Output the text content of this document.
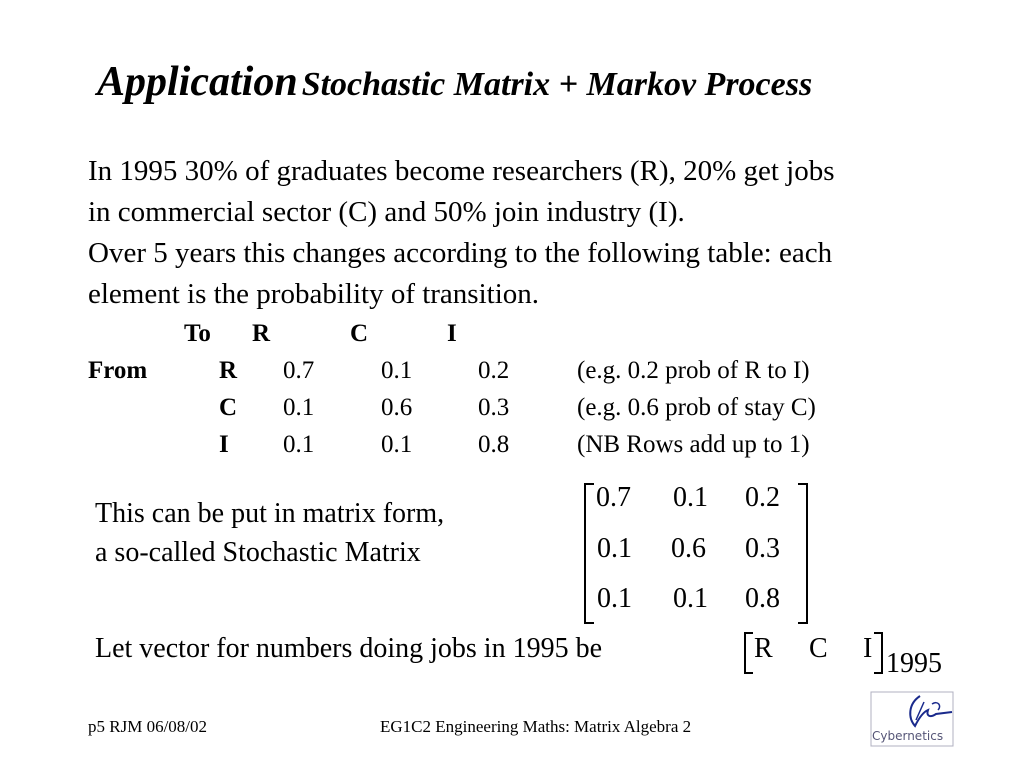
Application Stochastic Matrix + Markov Process
In 1995 30% of graduates become researchers (R), 20% get jobs
in commercial sector (C) and 50% join industry (I).
Over 5 years this changes according to the following table: each
element is the probability of transition.
To R	C	I
From	R 0.7	0.1	0.2	(e.g. 0.2 prob of R to I)
C 0.1	0.6	0.3	(e.g. 0.6 prob of stay C)
I 0.1	0.1	0.8	(NB Rows add up to 1)
This can be put in matrix form,
a so-called Stochastic Matrix
0.7 0.1 0.2
0.1 0.6 0.3
0.1 0.1 0.8
Let vector for numbers doing jobs in 1995 be	R C I 1995
p5 RJM 06/08/02	EG1C2 Engineering Maths: Matrix Algebra 2	Cybernetics
